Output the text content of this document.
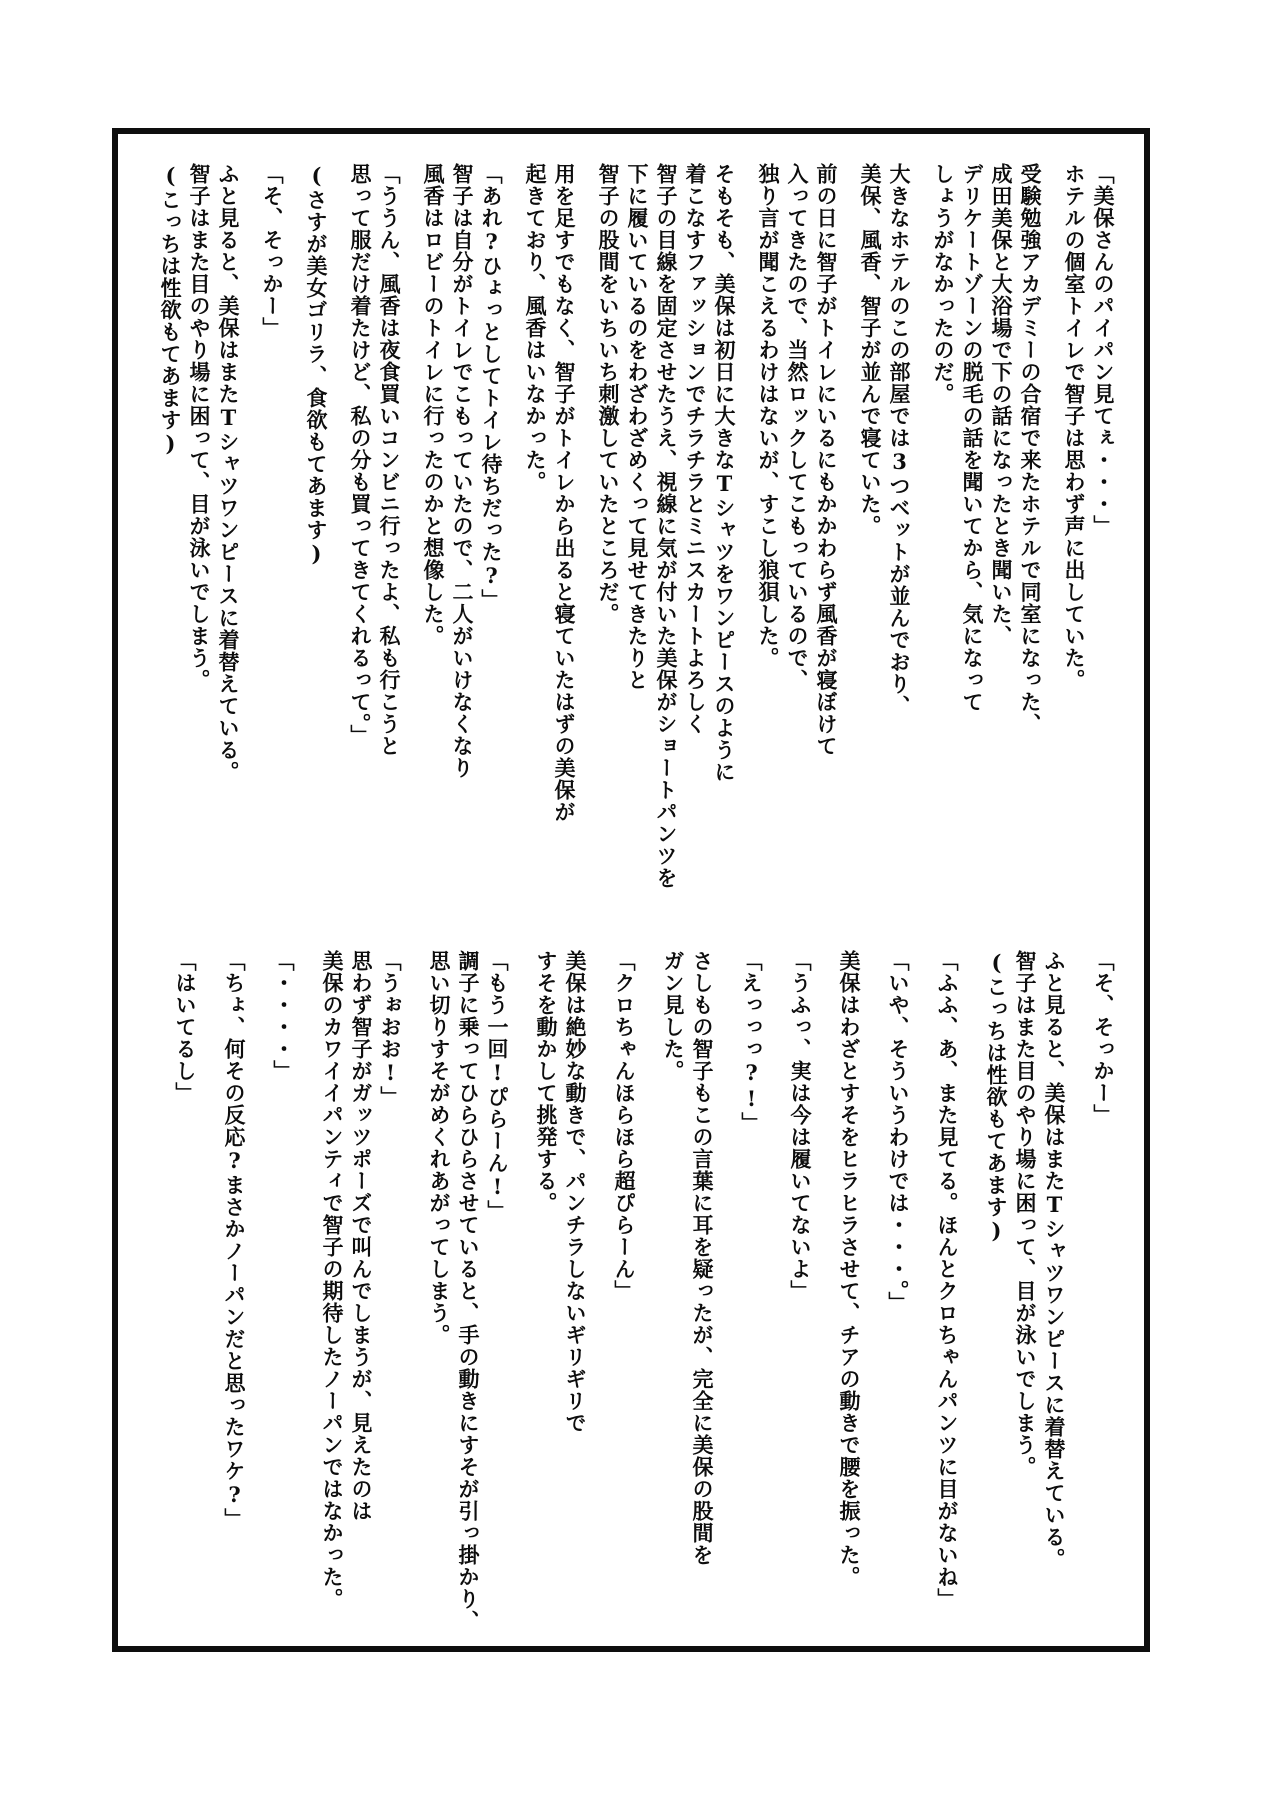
「美保さんのパイパン見てぇ・・・」

ホテルの個室トイレで智子は思わず声に出していた。

受験勉強アカデミーの合宿で来たホテルで同室になった、

成田美保と大浴場で下の話になったとき聞いた、

デリケートゾーンの脱毛の話を聞いてから、気になって

しょうがなかったのだ。

大きなホテルのこの部屋では3つベットが並んでおり、

美保、風香、智子が並んで寝ていた。

前の日に智子がトイレにいるにもかかわらず風香が寝ぼけて

入ってきたので、当然ロックしてこもっているので、

独り言が聞こえるわけはないが、すこし狼狽した。

そもそも、美保は初日に大きなTシャツをワンピースのように

着こなすファッションでチラチラとミニスカートよろしく

智子の目線を固定させたうえ、視線に気が付いた美保がショートパンツを

下に履いているのをわざわざめくって見せてきたりと

智子の股間をいちいち刺激していたところだ。

用を足すでもなく、智子がトイレから出ると寝ていたはずの美保が

起きており、風香はいなかった。

「あれ?ひょっとしてトイレ待ちだった?」

智子は自分がトイレでこもっていたので、二人がいけなくなり

風香はロビーのトイレに行ったのかと想像した。

「ううん、風香は夜食買いコンビニ行ったよ、私も行こうと

思って服だけ着たけど、私の分も買ってきてくれるって。」

(さすが美女ゴリラ、食欲もてあます)

「そ、そっかー」

ふと見ると、美保はまたTシャツワンピースに着替えている。

智子はまた目のやり場に困って、目が泳いでしまう。

(こっちは性欲もてあます)

「そ、そっかー」

ふと見ると、美保はまたTシャツワンピースに着替えている。

智子はまた目のやり場に困って、目が泳いでしまう。

(こっちは性欲もてあます)

「ふふ、あ、また見てる。ほんとクロちゃんパンツに目がないね」

「いや、そういうわけでは・・・。」

美保はわざとすそをヒラヒラさせて、チアの動きで腰を振った。

「うふっ、実は今は履いてないよ」

「えっっっ?!」

さしもの智子もこの言葉に耳を疑ったが、完全に美保の股間を

ガン見した。

「クロちゃんほらほら超ぴらーん」

美保は絶妙な動きで、パンチラしないギリギリで

すそを動かして挑発する。

「もう一回!ぴらーん!」

調子に乗ってひらひらさせていると、手の動きにすそが引っ掛かり、

思い切りすそがめくれあがってしまう。

「うぉおお!」

思わず智子がガッツポーズで叫んでしまうが、見えたのは

美保のカワイイパンティで智子の期待したノーパンではなかった。

「・・・・」

「ちょ、何その反応?まさかノーパンだと思ったワケ?」

「はいてるし」
